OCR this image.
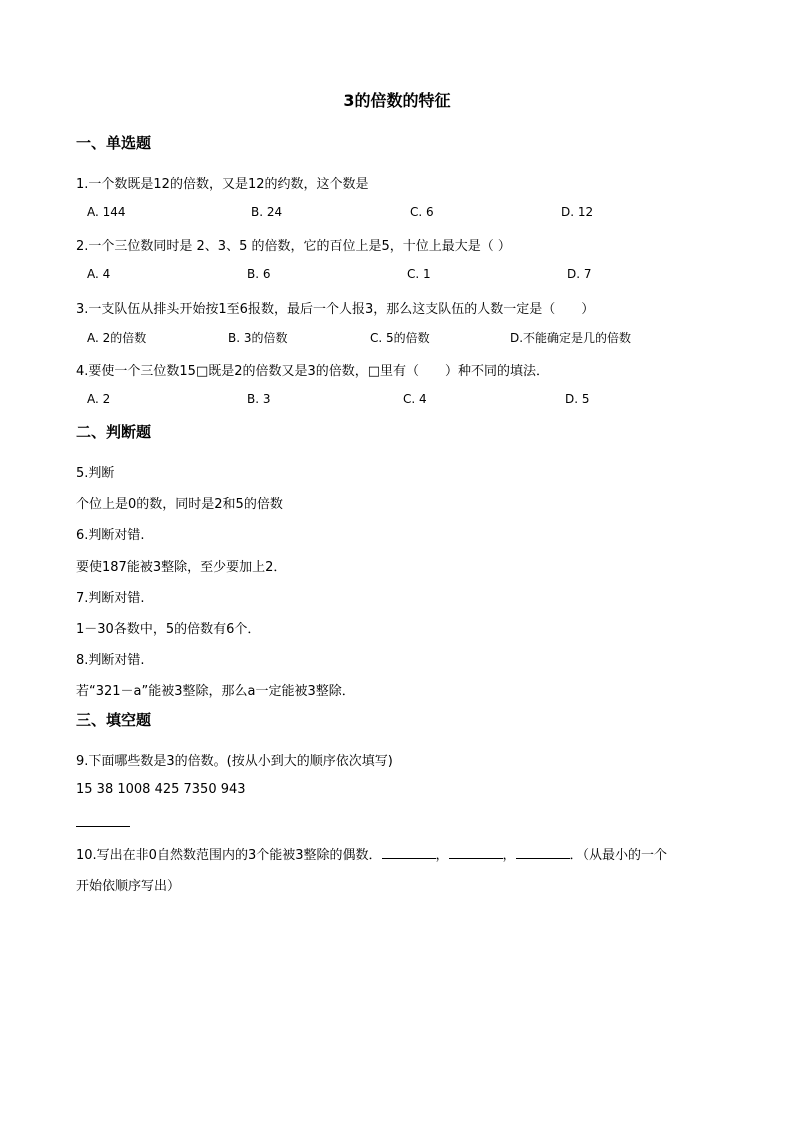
3的倍数的特征
一、单选题
1.一个数既是12的倍数，又是12的约数，这个数是
A. 144	B. 24	C. 6	D. 12
2.一个三位数同时是 2、3、5 的倍数，它的百位上是5，十位上最大是（ ）
A. 4	B. 6	C. 1	D. 7
3.一支队伍从排头开始按1至6报数，最后一个人报3，那么这支队伍的人数一定是（　　）
A. 2的倍数	B. 3的倍数	C. 5的倍数	D.不能确定是几的倍数
4.要使一个三位数15□既是2的倍数又是3的倍数，□里有（　　）种不同的填法．
A. 2	B. 3	C. 4	D. 5
二、判断题
5.判断
个位上是0的数，同时是2和5的倍数
6.判断对错.
要使187能被3整除，至少要加上2．
7.判断对错.
1－30各数中，5的倍数有6个．
8.判断对错.
若“321－a”能被3整除，那么a一定能被3整除．
三、填空题
9.下面哪些数是3的倍数。(按从小到大的顺序依次填写)
15 38 1008 425 7350 943
10.写出在非0自然数范围内的3个能被3整除的偶数．	，	，	．（从最小的一个
开始依顺序写出）
